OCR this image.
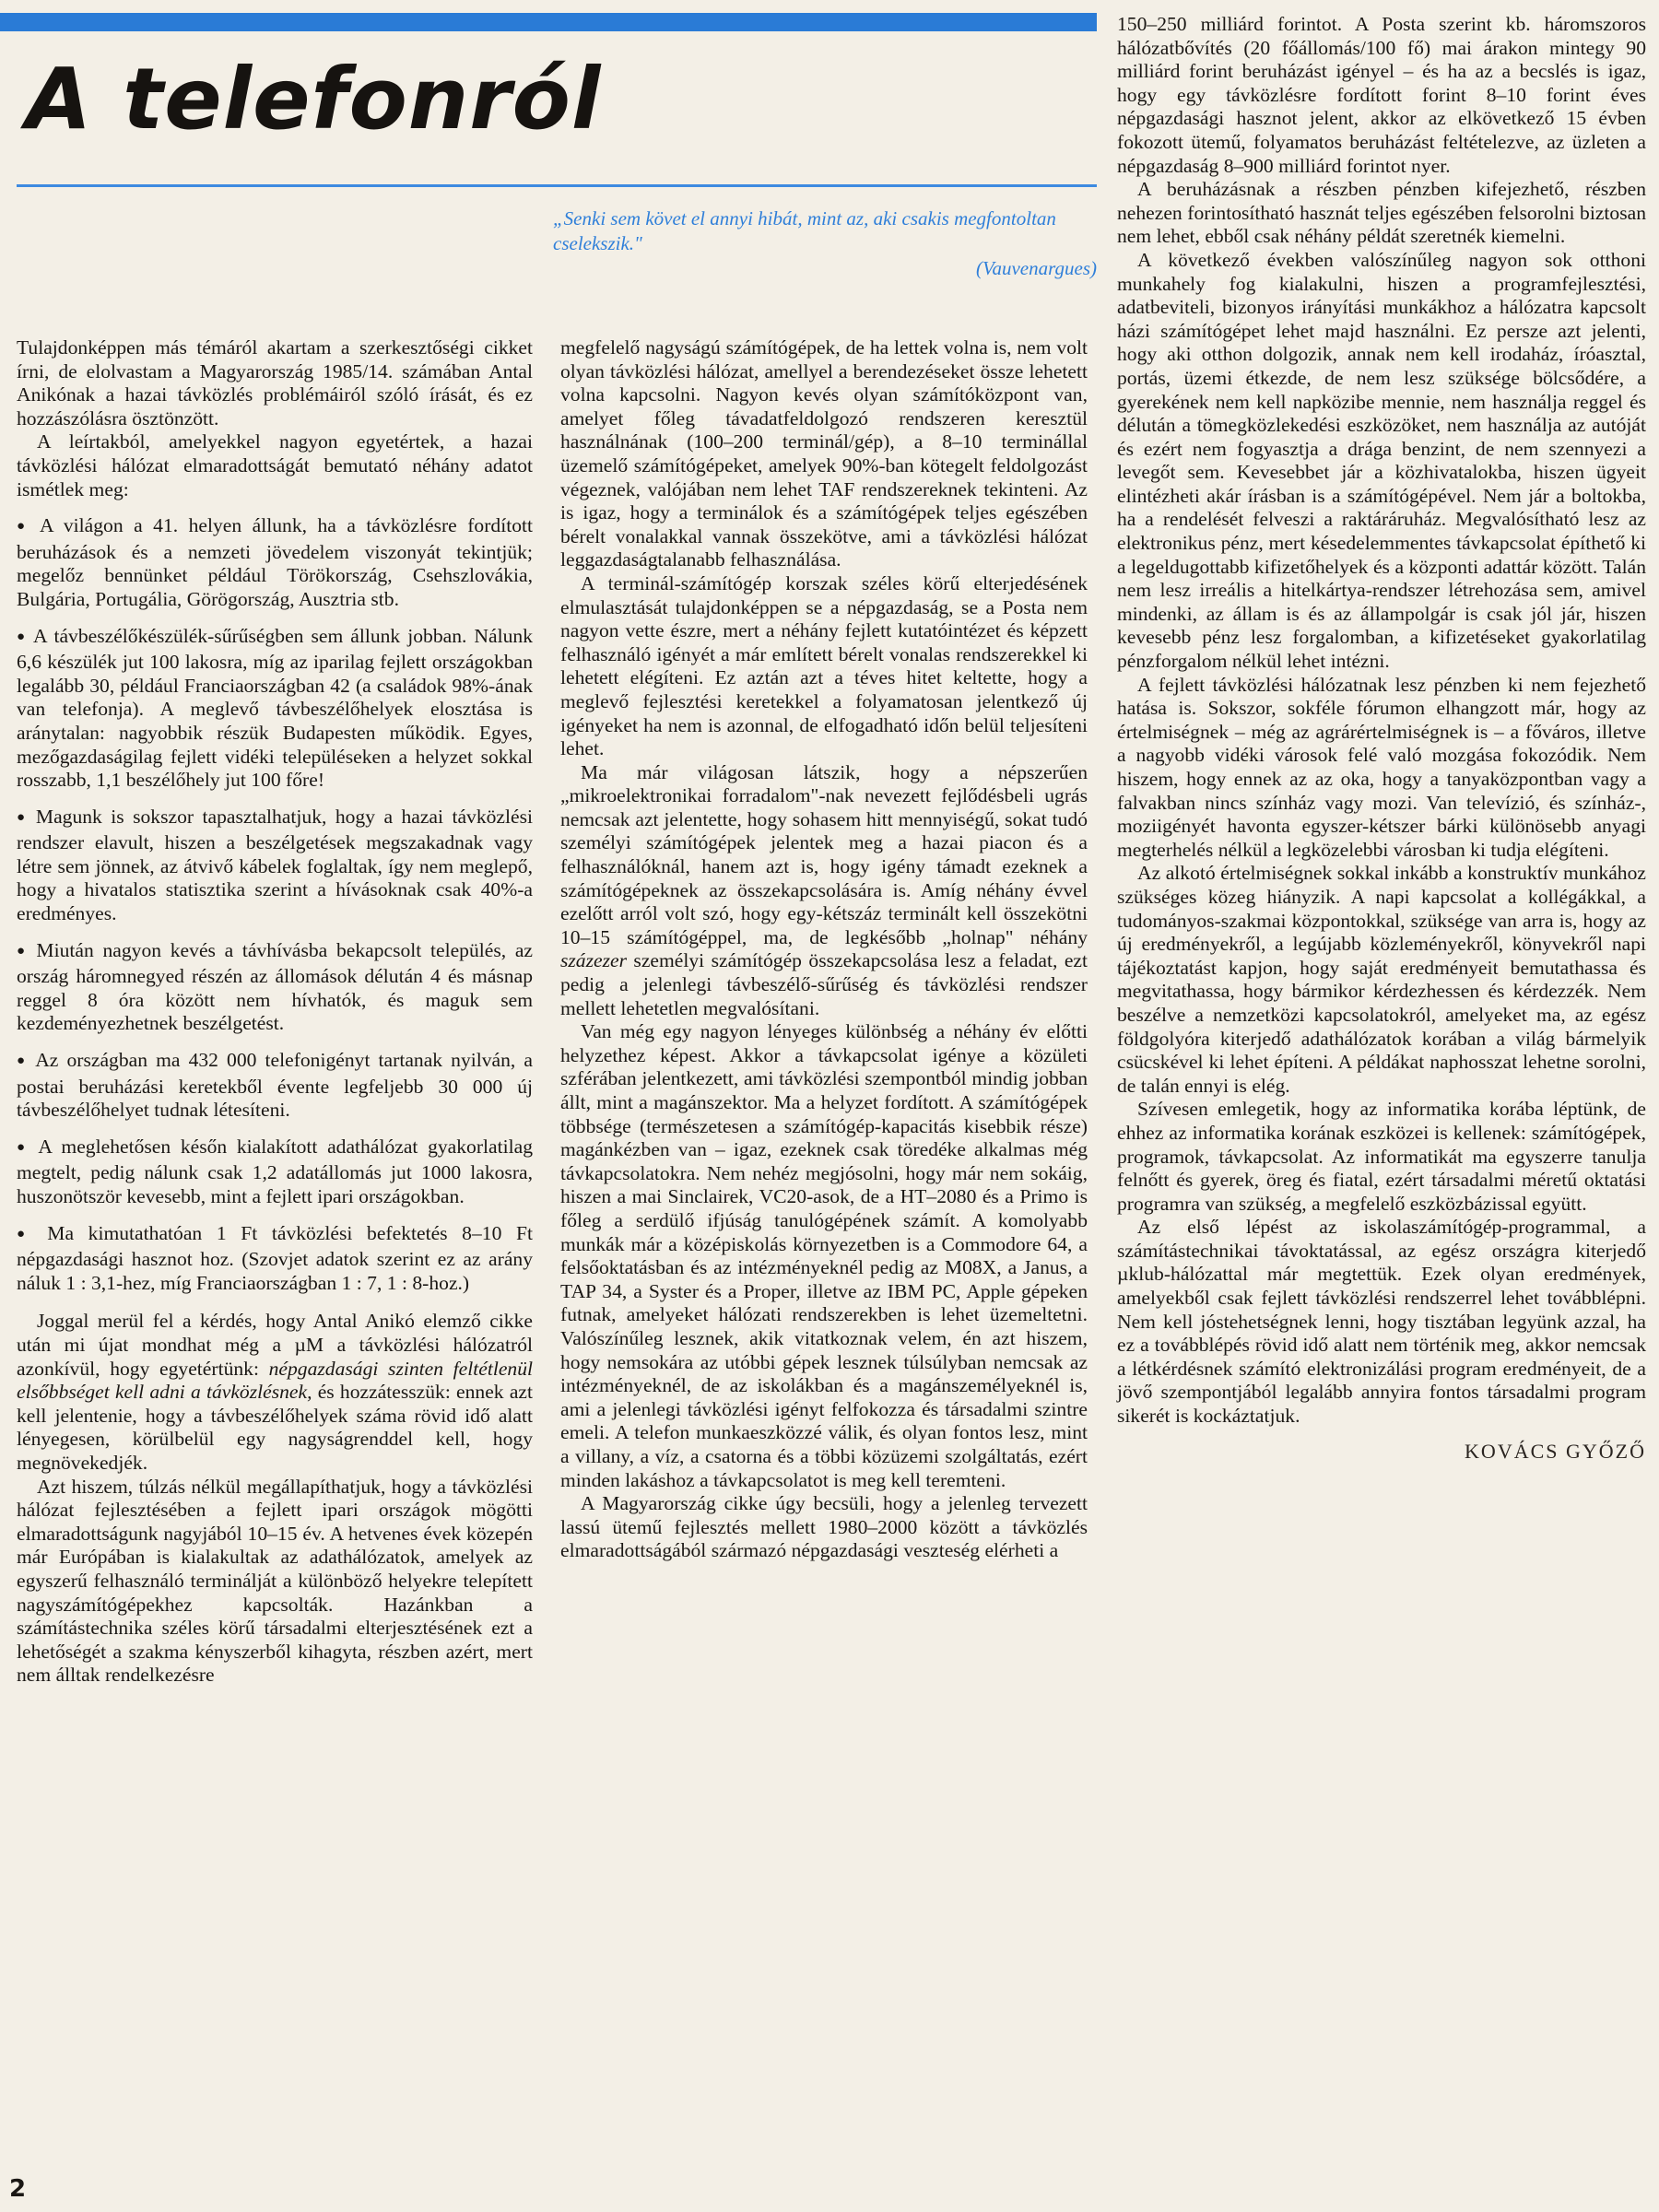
A telefonról
„Senki sem követ el annyi hibát, mint az, aki csakis megfontoltan cselekszik."
(Vauvenargues)

Tulajdonképpen más témáról akartam a szerkesztőségi cikket írni, de elolvastam a Magyarország 1985/14. számában Antal Anikónak a hazai távközlés problémáiról szóló írását, és ez hozzászólásra ösztönzött.

A leírtakból, amelyekkel nagyon egyetértek, a hazai távközlési hálózat elmaradottságát bemutató néhány adatot ismétlek meg:

● A világon a 41. helyen állunk, ha a távközlésre fordított beruházások és a nemzeti jövedelem viszonyát tekintjük; megelőz bennünket például Törökország, Csehszlovákia, Bulgária, Portugália, Görögország, Ausztria stb.

● A távbeszélőkészülék-sűrűségben sem állunk jobban. Nálunk 6,6 készülék jut 100 lakosra, míg az iparilag fejlett országokban legalább 30, például Franciaországban 42 (a családok 98%-ának van telefonja). A meglevő távbeszélőhelyek elosztása is aránytalan: nagyobbik részük Budapesten működik. Egyes, mezőgazdaságilag fejlett vidéki településeken a helyzet sokkal rosszabb, 1,1 beszélőhely jut 100 főre!

● Magunk is sokszor tapasztalhatjuk, hogy a hazai távközlési rendszer elavult, hiszen a beszélgetések megszakadnak vagy létre sem jönnek, az átvivő kábelek foglaltak, így nem meglepő, hogy a hivatalos statisztika szerint a hívásoknak csak 40%-a eredményes.

● Miután nagyon kevés a távhívásba bekapcsolt település, az ország háromnegyed részén az állomások délután 4 és másnap reggel 8 óra között nem hívhatók, és maguk sem kezdeményezhetnek beszélgetést.

● Az országban ma 432 000 telefonigényt tartanak nyilván, a postai beruházási keretekből évente legfeljebb 30 000 új távbeszélőhelyet tudnak létesíteni.

● A meglehetősen későn kialakított adathálózat gyakorlatilag megtelt, pedig nálunk csak 1,2 adatállomás jut 1000 lakosra, huszonötször kevesebb, mint a fejlett ipari országokban.

● Ma kimutathatóan 1 Ft távközlési befektetés 8–10 Ft népgazdasági hasznot hoz. (Szovjet adatok szerint ez az arány náluk 1 : 3,1-hez, míg Franciaországban 1 : 7, 1 : 8-hoz.)

Joggal merül fel a kérdés, hogy Antal Anikó elemző cikke után mi újat mondhat még a µM a távközlési hálózatról azonkívül, hogy egyetértünk: népgazdasági szinten feltétlenül elsőbbséget kell adni a távközlésnek, és hozzátesszük: ennek azt kell jelentenie, hogy a távbeszélőhelyek száma rövid idő alatt lényegesen, körülbelül egy nagyságrenddel kell, hogy megnövekedjék.

Azt hiszem, túlzás nélkül megállapíthatjuk, hogy a távközlési hálózat fejlesztésében a fejlett ipari országok mögötti elmaradottságunk nagyjából 10–15 év. A hetvenes évek közepén már Európában is kialakultak az adathálózatok, amelyek az egyszerű felhasználó terminálját a különböző helyekre telepített nagyszámítógépekhez kapcsolták. Hazánkban a számítástechnika széles körű társadalmi elterjesztésének ezt a lehetőségét a szakma kényszerből kihagyta, részben azért, mert nem álltak rendelkezésre

megfelelő nagyságú számítógépek, de ha lettek volna is, nem volt olyan távközlési hálózat, amellyel a berendezéseket össze lehetett volna kapcsolni. Nagyon kevés olyan számítóközpont van, amelyet főleg távadatfeldolgozó rendszeren keresztül használnának (100–200 terminál/gép), a 8–10 terminállal üzemelő számítógépeket, amelyek 90%-ban kötegelt feldolgozást végeznek, valójában nem lehet TAF rendszereknek tekinteni. Az is igaz, hogy a terminálok és a számítógépek teljes egészében bérelt vonalakkal vannak összekötve, ami a távközlési hálózat leggazdaságtalanabb felhasználása.

A terminál-számítógép korszak széles körű elterjedésének elmulasztását tulajdonképpen se a népgazdaság, se a Posta nem nagyon vette észre, mert a néhány fejlett kutatóintézet és képzett felhasználó igényét a már említett bérelt vonalas rendszerekkel ki lehetett elégíteni. Ez aztán azt a téves hitet keltette, hogy a meglevő fejlesztési keretekkel a folyamatosan jelentkező új igényeket ha nem is azonnal, de elfogadható időn belül teljesíteni lehet.

Ma már világosan látszik, hogy a népszerűen „mikroelektronikai forradalom"-nak nevezett fejlődésbeli ugrás nemcsak azt jelentette, hogy sohasem hitt mennyiségű, sokat tudó személyi számítógépek jelentek meg a hazai piacon és a felhasználóknál, hanem azt is, hogy igény támadt ezeknek a számítógépeknek az összekapcsolására is. Amíg néhány évvel ezelőtt arról volt szó, hogy egy-kétszáz terminált kell összekötni 10–15 számítógéppel, ma, de legkésőbb „holnap" néhány százezer személyi számítógép összekapcsolása lesz a feladat, ezt pedig a jelenlegi távbeszélő-sűrűség és távközlési rendszer mellett lehetetlen megvalósítani.

Van még egy nagyon lényeges különbség a néhány év előtti helyzethez képest. Akkor a távkapcsolat igénye a közületi szférában jelentkezett, ami távközlési szempontból mindig jobban állt, mint a magánszektor. Ma a helyzet fordított. A számítógépek többsége (természetesen a számítógép-kapacitás kisebbik része) magánkézben van – igaz, ezeknek csak töredéke alkalmas még távkapcsolatokra. Nem nehéz megjósolni, hogy már nem sokáig, hiszen a mai Sinclairek, VC20-asok, de a HT–2080 és a Primo is főleg a serdülő ifjúság tanulógépének számít. A komolyabb munkák már a középiskolás környezetben is a Commodore 64, a felsőoktatásban és az intézményeknél pedig az M08X, a Janus, a TAP 34, a Syster és a Proper, illetve az IBM PC, Apple gépeken futnak, amelyeket hálózati rendszerekben is lehet üzemeltetni. Valószínűleg lesznek, akik vitatkoznak velem, én azt hiszem, hogy nemsokára az utóbbi gépek lesznek túlsúlyban nemcsak az intézményeknél, de az iskolákban és a magánszemélyeknél is, ami a jelenlegi távközlési igényt felfokozza és társadalmi szintre emeli. A telefon munkaeszközzé válik, és olyan fontos lesz, mint a villany, a víz, a csatorna és a többi közüzemi szolgáltatás, ezért minden lakáshoz a távkapcsolatot is meg kell teremteni.

A Magyarország cikke úgy becsüli, hogy a jelenleg tervezett lassú ütemű fejlesztés mellett 1980–2000 között a távközlés elmaradottságából származó népgazdasági veszteség elérheti a

150–250 milliárd forintot. A Posta szerint kb. háromszoros hálózatbővítés (20 főállomás/100 fő) mai árakon mintegy 90 milliárd forint beruházást igényel – és ha az a becslés is igaz, hogy egy távközlésre fordított forint 8–10 forint éves népgazdasági hasznot jelent, akkor az elkövetkező 15 évben fokozott ütemű, folyamatos beruházást feltételezve, az üzleten a népgazdaság 8–900 milliárd forintot nyer.

A beruházásnak a részben pénzben kifejezhető, részben nehezen forintosítható hasznát teljes egészében felsorolni biztosan nem lehet, ebből csak néhány példát szeretnék kiemelni.

A következő években valószínűleg nagyon sok otthoni munkahely fog kialakulni, hiszen a programfejlesztési, adatbeviteli, bizonyos irányítási munkákhoz a hálózatra kapcsolt házi számítógépet lehet majd használni. Ez persze azt jelenti, hogy aki otthon dolgozik, annak nem kell irodaház, íróasztal, portás, üzemi étkezde, de nem lesz szüksége bölcsődére, a gyerekének nem kell napközibe mennie, nem használja reggel és délután a tömegközlekedési eszközöket, nem használja az autóját és ezért nem fogyasztja a drága benzint, de nem szennyezi a levegőt sem. Kevesebbet jár a közhivatalokba, hiszen ügyeit elintézheti akár írásban is a számítógépével. Nem jár a boltokba, ha a rendelését felveszi a raktáráruház. Megvalósítható lesz az elektronikus pénz, mert késedelemmentes távkapcsolat építhető ki a legeldugottabb kifizetőhelyek és a központi adattár között. Talán nem lesz irreális a hitelkártya-rendszer létrehozása sem, amivel mindenki, az állam is és az állampolgár is csak jól jár, hiszen kevesebb pénz lesz forgalomban, a kifizetéseket gyakorlatilag pénzforgalom nélkül lehet intézni.

A fejlett távközlési hálózatnak lesz pénzben ki nem fejezhető hatása is. Sokszor, sokféle fórumon elhangzott már, hogy az értelmiségnek – még az agrárértelmiségnek is – a főváros, illetve a nagyobb vidéki városok felé való mozgása fokozódik. Nem hiszem, hogy ennek az az oka, hogy a tanyaközpontban vagy a falvakban nincs színház vagy mozi. Van televízió, és színház-, moziigényét havonta egyszer-kétszer bárki különösebb anyagi megterhelés nélkül a legközelebbi városban ki tudja elégíteni.

Az alkotó értelmiségnek sokkal inkább a konstruktív munkához szükséges közeg hiányzik. A napi kapcsolat a kollégákkal, a tudományos-szakmai központokkal, szüksége van arra is, hogy az új eredményekről, a legújabb közleményekről, könyvekről napi tájékoztatást kapjon, hogy saját eredményeit bemutathassa és megvitathassa, hogy bármikor kérdezhessen és kérdezzék. Nem beszélve a nemzetközi kapcsolatokról, amelyeket ma, az egész földgolyóra kiterjedő adathálózatok korában a világ bármelyik csücskével ki lehet építeni. A példákat naphosszat lehetne sorolni, de talán ennyi is elég.

Szívesen emlegetik, hogy az informatika korába léptünk, de ehhez az informatika korának eszközei is kellenek: számítógépek, programok, távkapcsolat. Az informatikát ma egyszerre tanulja felnőtt és gyerek, öreg és fiatal, ezért társadalmi méretű oktatási programra van szükség, a megfelelő eszközbázissal együtt.

Az első lépést az iskolaszámítógép-programmal, a számítástechnikai távoktatással, az egész országra kiterjedő µklub-hálózattal már megtettük. Ezek olyan eredmények, amelyekből csak fejlett távközlési rendszerrel lehet továbblépni. Nem kell jóstehetségnek lenni, hogy tisztában legyünk azzal, ha ez a továbblépés rövid idő alatt nem történik meg, akkor nemcsak a létkérdésnek számító elektronizálási program eredményeit, de a jövő szempontjából legalább annyira fontos társadalmi program sikerét is kockáztatjuk.

KOVÁCS GYŐZŐ
2
